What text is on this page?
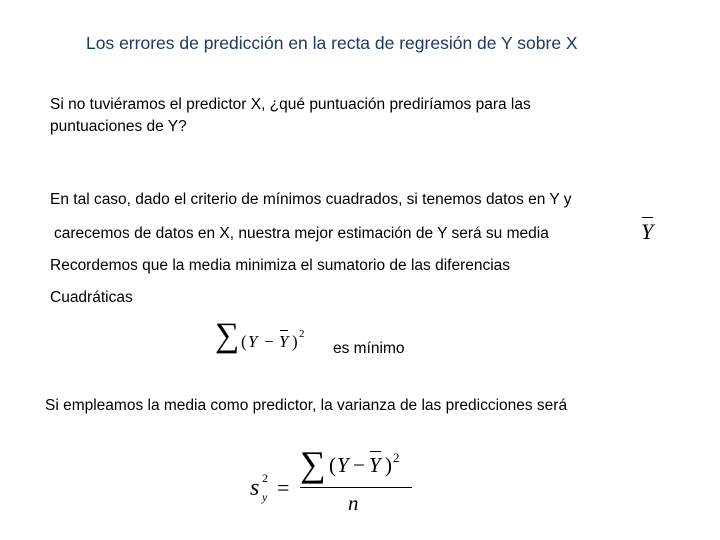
Los errores de predicción en la recta de regresión de Y sobre X
Si no tuviéramos el predictor X, ¿qué puntuación prediríamos para las
puntuaciones de Y?
En tal caso, dado el criterio de mínimos cuadrados, si tenemos datos en Y y
carecemos de datos en X, nuestra mejor estimación de Y será su media	Y
Recordemos que la media minimiza el sumatorio de las diferencias
Cuadráticas
∑ ( Y − Y ) 2
es mínimo
Si empleamos la media como predictor, la varianza de las predicciones será
s 2
y =
∑ ( Y − Y ) 2
n
